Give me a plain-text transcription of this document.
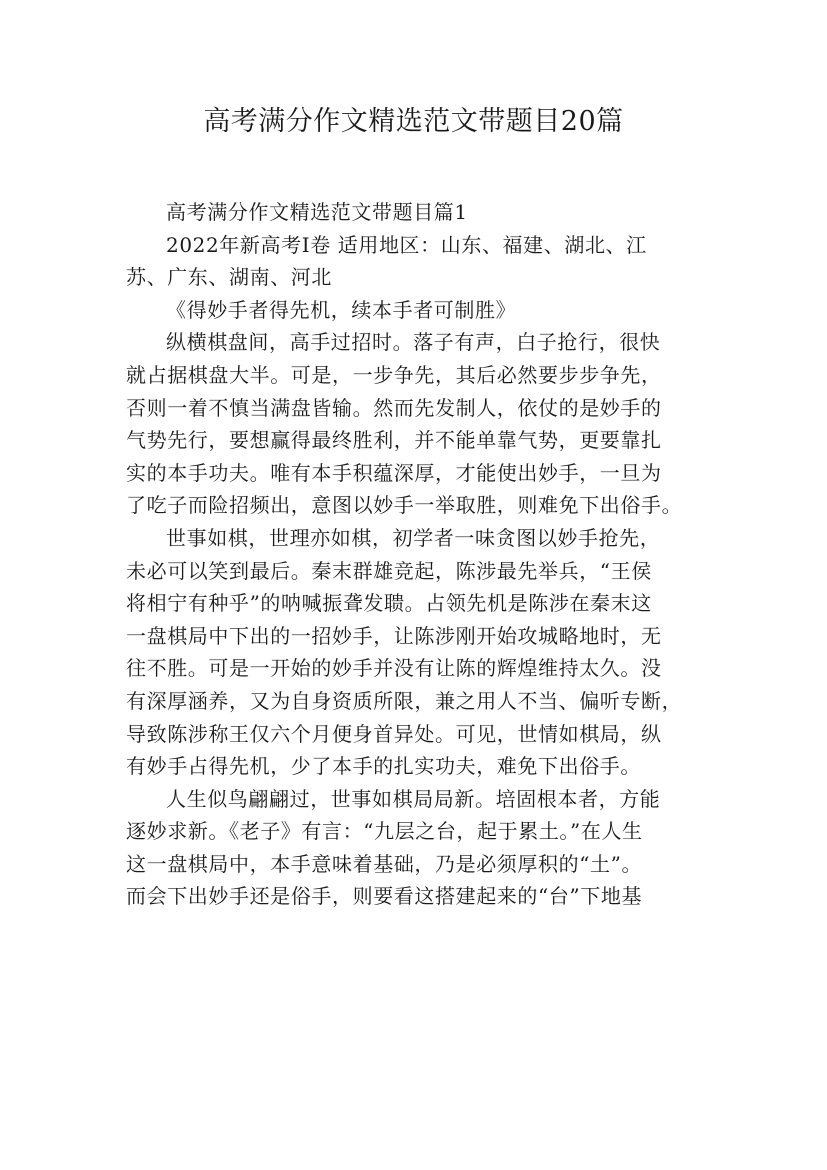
高考满分作文精选范文带题目20篇

高考满分作文精选范文带题目篇1

2022年新高考Ⅰ卷 适用地区：山东、福建、湖北、江

苏、广东、湖南、河北

《得妙手者得先机，续本手者可制胜》

纵横棋盘间，高手过招时。落子有声，白子抢行，很快

就占据棋盘大半。可是，一步争先，其后必然要步步争先，

否则一着不慎当满盘皆输。然而先发制人，依仗的是妙手的

气势先行，要想赢得最终胜利，并不能单靠气势，更要靠扎

实的本手功夫。唯有本手积蕴深厚，才能使出妙手，一旦为

了吃子而险招频出，意图以妙手一举取胜，则难免下出俗手。

世事如棋，世理亦如棋，初学者一味贪图以妙手抢先，

未必可以笑到最后。秦末群雄竞起，陈涉最先举兵，“王侯

将相宁有种乎”的呐喊振聋发聩。占领先机是陈涉在秦末这

一盘棋局中下出的一招妙手，让陈涉刚开始攻城略地时，无

往不胜。可是一开始的妙手并没有让陈的辉煌维持太久。没

有深厚涵养，又为自身资质所限，兼之用人不当、偏听专断，

导致陈涉称王仅六个月便身首异处。可见，世情如棋局，纵

有妙手占得先机，少了本手的扎实功夫，难免下出俗手。

人生似鸟翩翩过，世事如棋局局新。培固根本者，方能

逐妙求新。《老子》有言：“九层之台，起于累土。”在人生

这一盘棋局中，本手意味着基础，乃是必须厚积的“土”。

而会下出妙手还是俗手，则要看这搭建起来的“台”下地基
